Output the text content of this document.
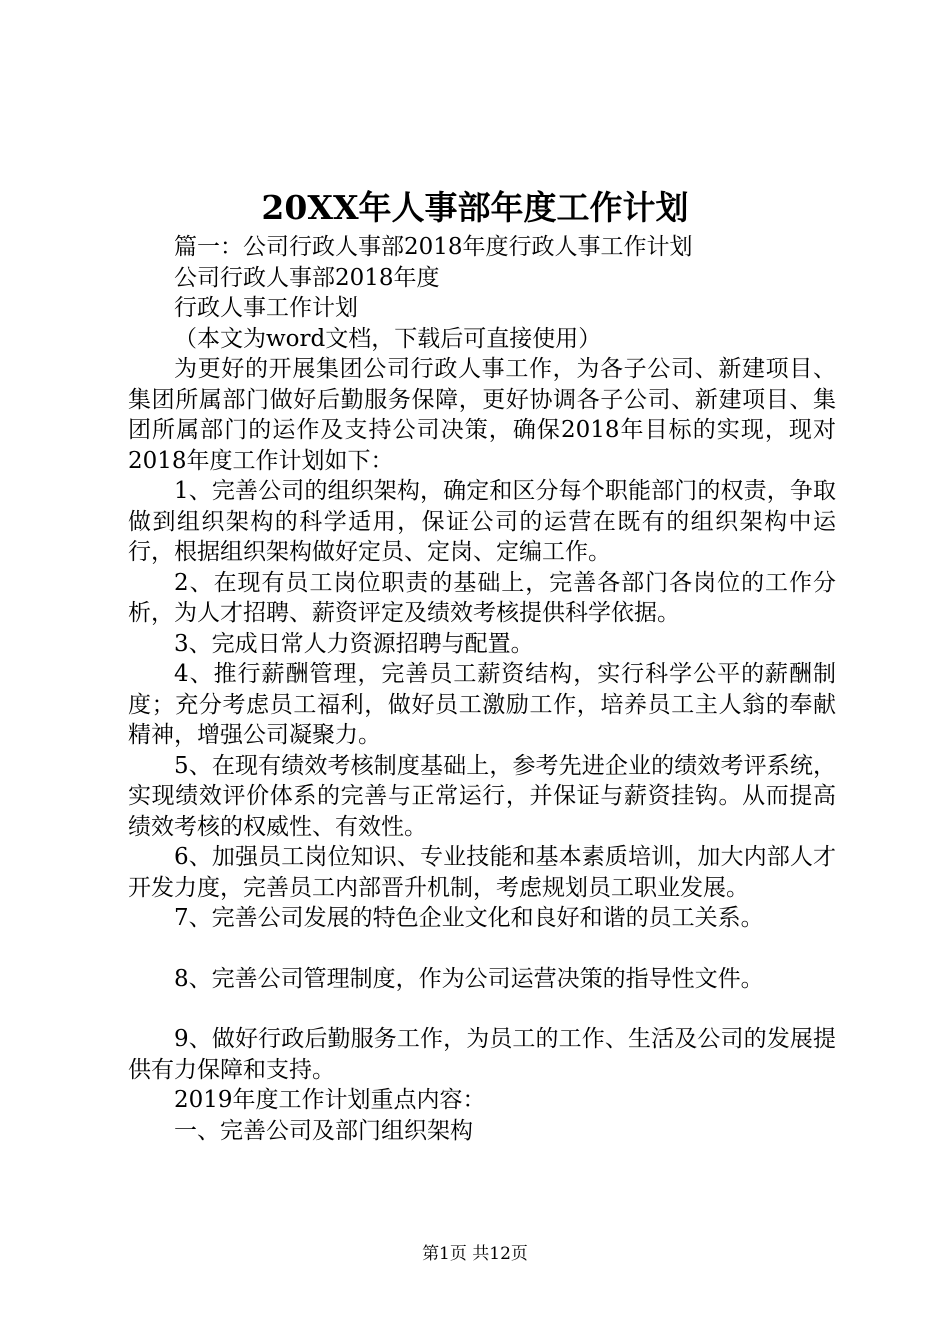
20XX年人事部年度工作计划

篇一：公司行政人事部2018年度行政人事工作计划

公司行政人事部2018年度

行政人事工作计划

（本文为word文档，下载后可直接使用）

为更好的开展集团公司行政人事工作，为各子公司、新建项目、集团所属部门做好后勤服务保障，更好协调各子公司、新建项目、集团所属部门的运作及支持公司决策，确保2018年目标的实现，现对2018年度工作计划如下：

1、完善公司的组织架构，确定和区分每个职能部门的权责，争取做到组织架构的科学适用，保证公司的运营在既有的组织架构中运行，根据组织架构做好定员、定岗、定编工作。

2、在现有员工岗位职责的基础上，完善各部门各岗位的工作分析，为人才招聘、薪资评定及绩效考核提供科学依据。

3、完成日常人力资源招聘与配置。

4、推行薪酬管理，完善员工薪资结构，实行科学公平的薪酬制度；充分考虑员工福利，做好员工激励工作，培养员工主人翁的奉献精神，增强公司凝聚力。

5、在现有绩效考核制度基础上，参考先进企业的绩效考评系统，实现绩效评价体系的完善与正常运行，并保证与薪资挂钩。从而提高绩效考核的权威性、有效性。

6、加强员工岗位知识、专业技能和基本素质培训，加大内部人才开发力度，完善员工内部晋升机制，考虑规划员工职业发展。

7、完善公司发展的特色企业文化和良好和谐的员工关系。

8、完善公司管理制度，作为公司运营决策的指导性文件。

9、做好行政后勤服务工作，为员工的工作、生活及公司的发展提供有力保障和支持。

2019年度工作计划重点内容：

一、完善公司及部门组织架构

第1页 共12页
